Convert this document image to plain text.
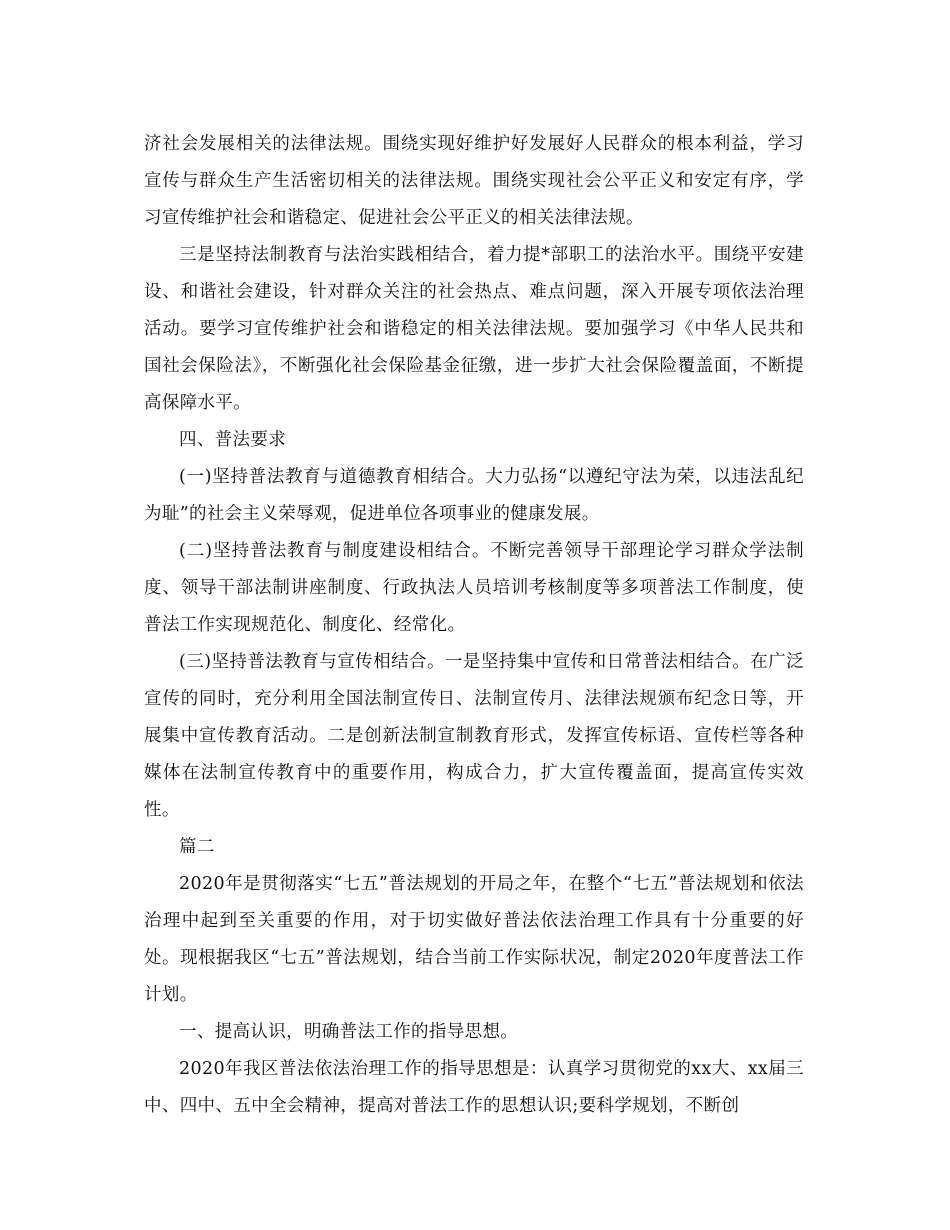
济社会发展相关的法律法规。围绕实现好维护好发展好人民群众的根本利益，学习宣传与群众生产生活密切相关的法律法规。围绕实现社会公平正义和安定有序，学习宣传维护社会和谐稳定、促进社会公平正义的相关法律法规。

三是坚持法制教育与法治实践相结合，着力提*部职工的法治水平。围绕平安建设、和谐社会建设，针对群众关注的社会热点、难点问题，深入开展专项依法治理活动。要学习宣传维护社会和谐稳定的相关法律法规。要加强学习《中华人民共和国社会保险法》，不断强化社会保险基金征缴，进一步扩大社会保险覆盖面，不断提高保障水平。

四、普法要求

(一)坚持普法教育与道德教育相结合。大力弘扬“以遵纪守法为荣，以违法乱纪为耻”的社会主义荣辱观，促进单位各项事业的健康发展。

(二)坚持普法教育与制度建设相结合。不断完善领导干部理论学习群众学法制度、领导干部法制讲座制度、行政执法人员培训考核制度等多项普法工作制度，使普法工作实现规范化、制度化、经常化。

(三)坚持普法教育与宣传相结合。一是坚持集中宣传和日常普法相结合。在广泛宣传的同时，充分利用全国法制宣传日、法制宣传月、法律法规颁布纪念日等，开展集中宣传教育活动。二是创新法制宣制教育形式，发挥宣传标语、宣传栏等各种媒体在法制宣传教育中的重要作用，构成合力，扩大宣传覆盖面，提高宣传实效性。

篇二

2020年是贯彻落实“七五”普法规划的开局之年，在整个“七五”普法规划和依法治理中起到至关重要的作用，对于切实做好普法依法治理工作具有十分重要的好处。现根据我区“七五”普法规划，结合当前工作实际状况，制定2020年度普法工作计划。

一、提高认识，明确普法工作的指导思想。

2020年我区普法依法治理工作的指导思想是：认真学习贯彻党的xx大、xx届三中、四中、五中全会精神，提高对普法工作的思想认识;要科学规划，不断创
